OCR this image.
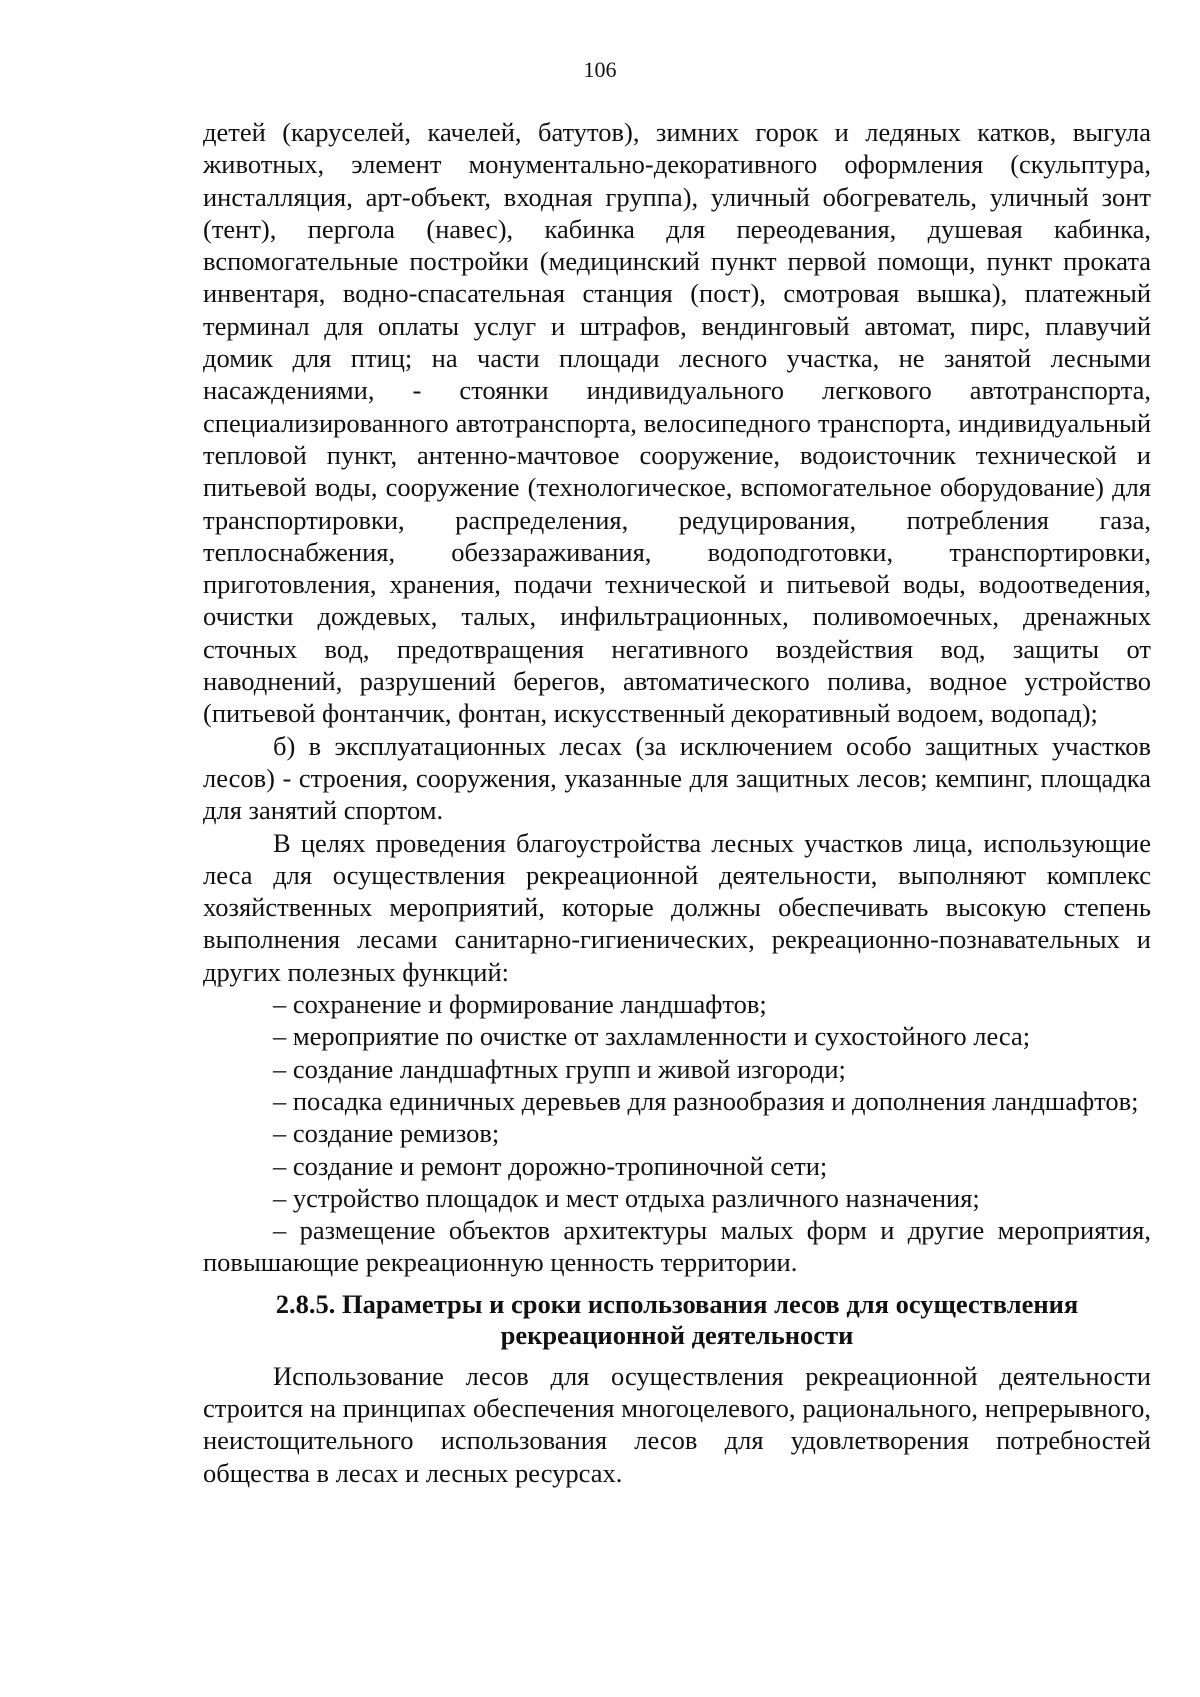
106

детей (каруселей, качелей, батутов), зимних горок и ледяных катков, выгула животных, элемент монументально-декоративного оформления (скульптура, инсталляция, арт-объект, входная группа), уличный обогреватель, уличный зонт (тент), пергола (навес), кабинка для переодевания, душевая кабинка, вспомогательные постройки (медицинский пункт первой помощи, пункт проката инвентаря, водно-спасательная станция (пост), смотровая вышка), платежный терминал для оплаты услуг и штрафов, вендинговый автомат, пирс, плавучий домик для птиц; на части площади лесного участка, не занятой лесными насаждениями, - стоянки индивидуального легкового автотранспорта, специализированного автотранспорта, велосипедного транспорта, индивидуальный тепловой пункт, антенно-мачтовое сооружение, водоисточник технической и питьевой воды, сооружение (технологическое, вспомогательное оборудование) для транспортировки, распределения, редуцирования, потребления газа, теплоснабжения, обеззараживания, водоподготовки, транспортировки, приготовления, хранения, подачи технической и питьевой воды, водоотведения, очистки дождевых, талых, инфильтрационных, поливомоечных, дренажных сточных вод, предотвращения негативного воздействия вод, защиты от наводнений, разрушений берегов, автоматического полива, водное устройство (питьевой фонтанчик, фонтан, искусственный декоративный водоем, водопад);

б) в эксплуатационных лесах (за исключением особо защитных участков лесов) - строения, сооружения, указанные для защитных лесов; кемпинг, площадка для занятий спортом.

В целях проведения благоустройства лесных участков лица, использующие леса для осуществления рекреационной деятельности, выполняют комплекс хозяйственных мероприятий, которые должны обеспечивать высокую степень выполнения лесами санитарно-гигиенических, рекреационно-познавательных и других полезных функций:

– сохранение и формирование ландшафтов;

– мероприятие по очистке от захламленности и сухостойного леса;

– создание ландшафтных групп и живой изгороди;

– посадка единичных деревьев для разнообразия и дополнения ландшафтов;

– создание ремизов;

– создание и ремонт дорожно-тропиночной сети;

– устройство площадок и мест отдыха различного назначения;

– размещение объектов архитектуры малых форм и другие мероприятия, повышающие рекреационную ценность территории.

2.8.5. Параметры и сроки использования лесов для осуществления
рекреационной деятельности

Использование лесов для осуществления рекреационной деятельности строится на принципах обеспечения многоцелевого, рационального, непрерывного, неистощительного использования лесов для удовлетворения потребностей общества в лесах и лесных ресурсах.
